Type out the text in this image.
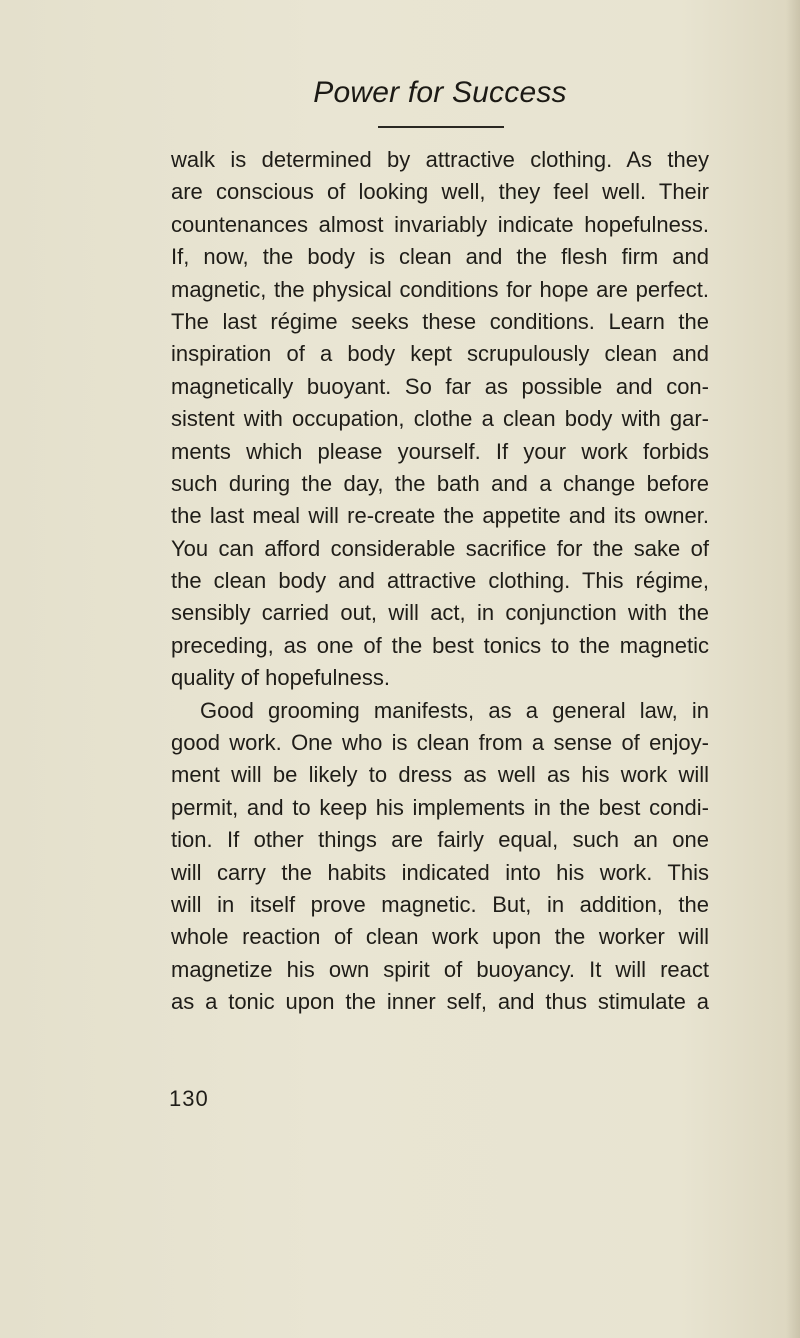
Power for Success
walk is determined by attractive clothing. As they
are conscious of looking well, they feel well. Their
countenances almost invariably indicate hopefulness.
If, now, the body is clean and the flesh firm and
magnetic, the physical conditions for hope are perfect.
The last régime seeks these conditions. Learn the
inspiration of a body kept scrupulously clean and
magnetically buoyant. So far as possible and con-
sistent with occupation, clothe a clean body with gar-
ments which please yourself. If your work forbids
such during the day, the bath and a change before
the last meal will re-create the appetite and its owner.
You can afford considerable sacrifice for the sake of
the clean body and attractive clothing. This régime,
sensibly carried out, will act, in conjunction with the
preceding, as one of the best tonics to the magnetic
quality of hopefulness.
Good grooming manifests, as a general law, in
good work. One who is clean from a sense of enjoy-
ment will be likely to dress as well as his work will
permit, and to keep his implements in the best condi-
tion. If other things are fairly equal, such an one
will carry the habits indicated into his work. This
will in itself prove magnetic. But, in addition, the
whole reaction of clean work upon the worker will
magnetize his own spirit of buoyancy. It will react
as a tonic upon the inner self, and thus stimulate a
130
